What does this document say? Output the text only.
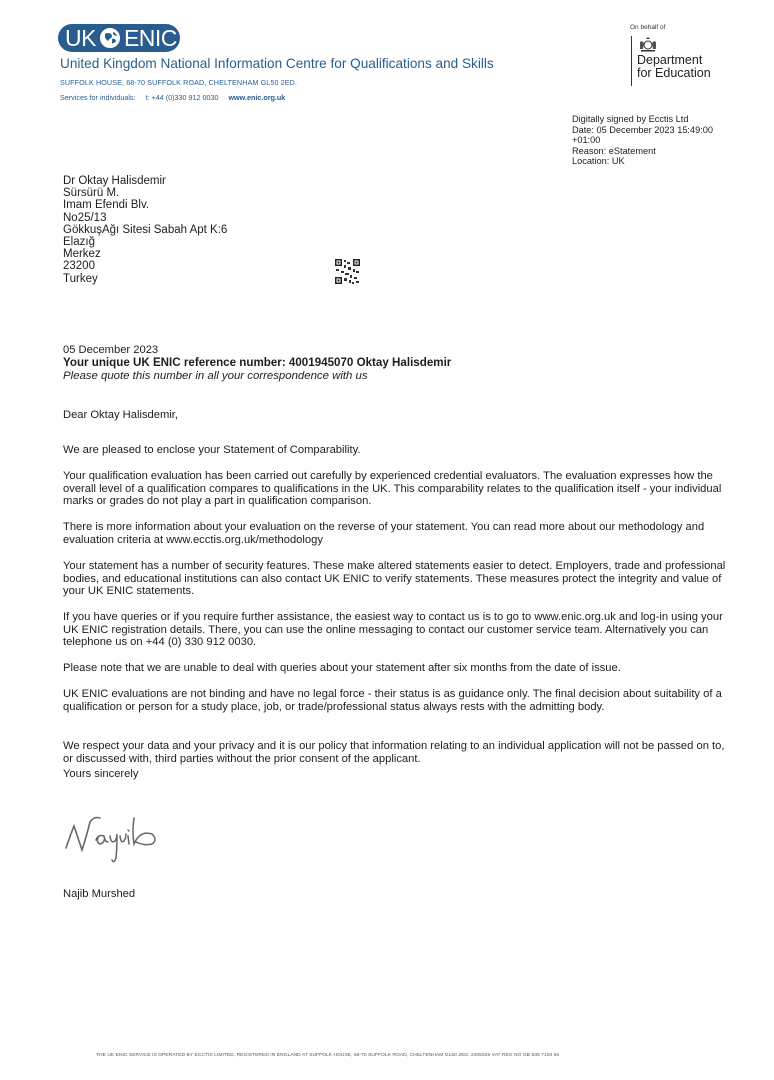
UK ENIC
United Kingdom National Information Centre for Qualifications and Skills
SUFFOLK HOUSE, 68-70 SUFFOLK ROAD, CHELTENHAM GL50 2ED.
Services for individuals: t: +44 (0)330 912 0030 www.enic.org.uk
On behalf of
Department
for Education
Digitally signed by Ecctis Ltd
Date: 05 December 2023 15:49:00
+01:00
Reason: eStatement
Location: UK
Dr Oktay Halisdemir
Sürsürü M.
Imam Efendi Blv.
No25/13
GökkuşAğı Sitesi Sabah Apt K:6
Elazığ
Merkez
23200
Turkey
05 December 2023
Your unique UK ENIC reference number: 4001945070 Oktay Halisdemir
Please quote this number in all your correspondence with us
Dear Oktay Halisdemir,

We are pleased to enclose your Statement of Comparability.

Your qualification evaluation has been carried out carefully by experienced credential evaluators. The evaluation expresses how the overall level of a qualification compares to qualifications in the UK. This comparability relates to the qualification itself - your individual marks or grades do not play a part in qualification comparison.

There is more information about your evaluation on the reverse of your statement. You can read more about our methodology and evaluation criteria at www.ecctis.org.uk/methodology

Your statement has a number of security features. These make altered statements easier to detect. Employers, trade and professional bodies, and educational institutions can also contact UK ENIC to verify statements. These measures protect the integrity and value of your UK ENIC statements.

If you have queries or if you require further assistance, the easiest way to contact us is to go to www.enic.org.uk and log-in using your UK ENIC registration details. There, you can use the online messaging to contact our customer service team. Alternatively you can telephone us on +44 (0) 330 912 0030.

Please note that we are unable to deal with queries about your statement after six months from the date of issue.

UK ENIC evaluations are not binding and have no legal force - their status is as guidance only. The final decision about suitability of a qualification or person for a study place, job, or trade/professional status always rests with the admitting body.

We respect your data and your privacy and it is our policy that information relating to an individual application will not be passed on to, or discussed with, third parties without the prior consent of the applicant.

Yours sincerely
Najib Murshed
THE UK ENIC SERVICE IS OPERATED BY ECCTIS LIMITED, REGISTERED IN ENGLAND AT SUFFOLK HOUSE, 68-70 SUFFOLK ROAD, CHELTENHAM GL50 2ED. 2405026 VAT REG NO GB 535 7104 56
